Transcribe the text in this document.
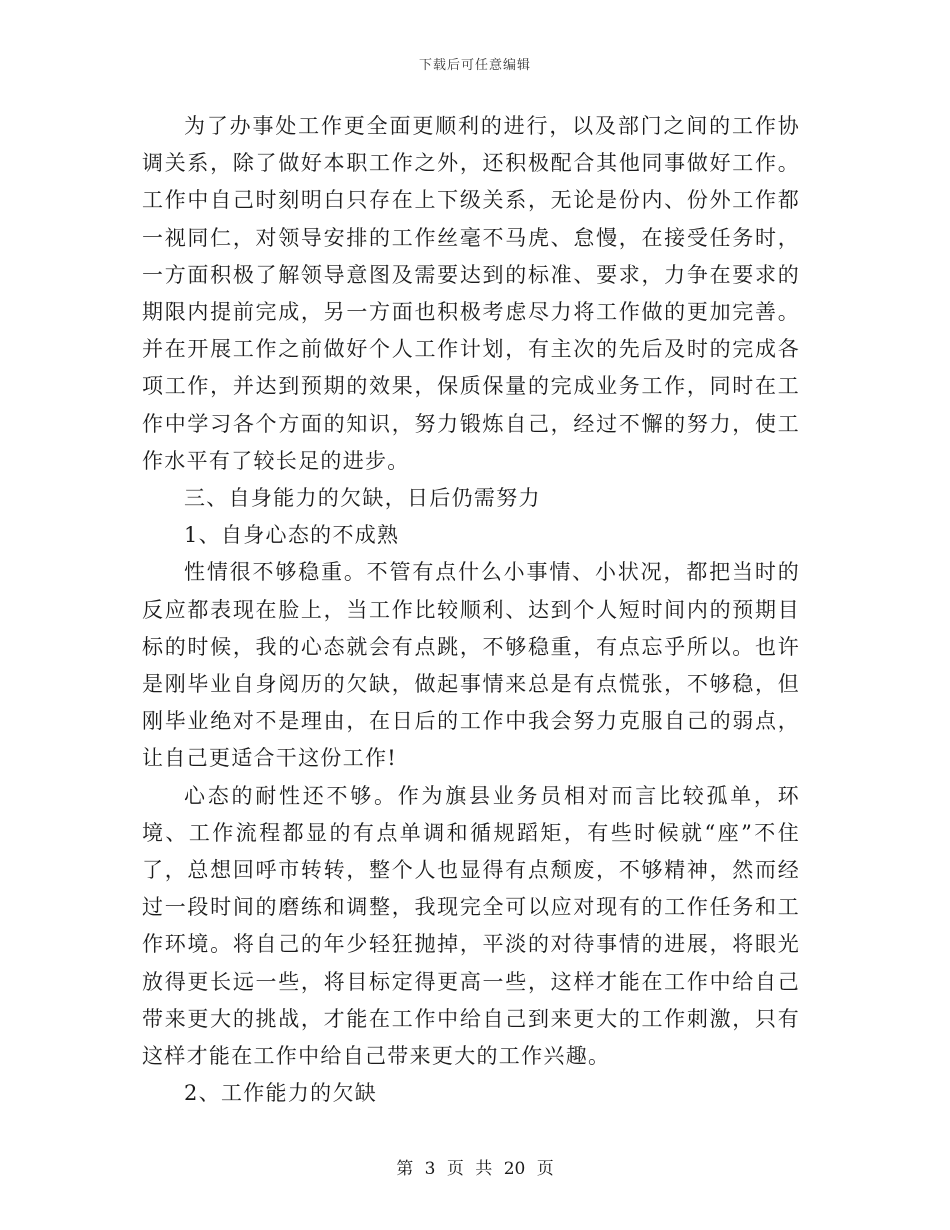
下载后可任意编辑

为了办事处工作更全面更顺利的进行，以及部门之间的工作协调关系，除了做好本职工作之外，还积极配合其他同事做好工作。工作中自己时刻明白只存在上下级关系，无论是份内、份外工作都一视同仁，对领导安排的工作丝毫不马虎、怠慢，在接受任务时，一方面积极了解领导意图及需要达到的标准、要求，力争在要求的期限内提前完成，另一方面也积极考虑尽力将工作做的更加完善。并在开展工作之前做好个人工作计划，有主次的先后及时的完成各项工作，并达到预期的效果，保质保量的完成业务工作，同时在工作中学习各个方面的知识，努力锻炼自己，经过不懈的努力，使工作水平有了较长足的进步。

三、自身能力的欠缺，日后仍需努力

1、自身心态的不成熟

性情很不够稳重。不管有点什么小事情、小状况，都把当时的反应都表现在脸上，当工作比较顺利、达到个人短时间内的预期目标的时候，我的心态就会有点跳，不够稳重，有点忘乎所以。也许是刚毕业自身阅历的欠缺，做起事情来总是有点慌张，不够稳，但刚毕业绝对不是理由，在日后的工作中我会努力克服自己的弱点，让自己更适合干这份工作!

心态的耐性还不够。作为旗县业务员相对而言比较孤单，环境、工作流程都显的有点单调和循规蹈矩，有些时候就“座”不住了，总想回呼市转转，整个人也显得有点颓废，不够精神，然而经过一段时间的磨练和调整，我现完全可以应对现有的工作任务和工作环境。将自己的年少轻狂抛掉，平淡的对待事情的进展，将眼光放得更长远一些，将目标定得更高一些，这样才能在工作中给自己带来更大的挑战，才能在工作中给自己到来更大的工作刺激，只有这样才能在工作中给自己带来更大的工作兴趣。

2、工作能力的欠缺

第 3 页 共 20 页
